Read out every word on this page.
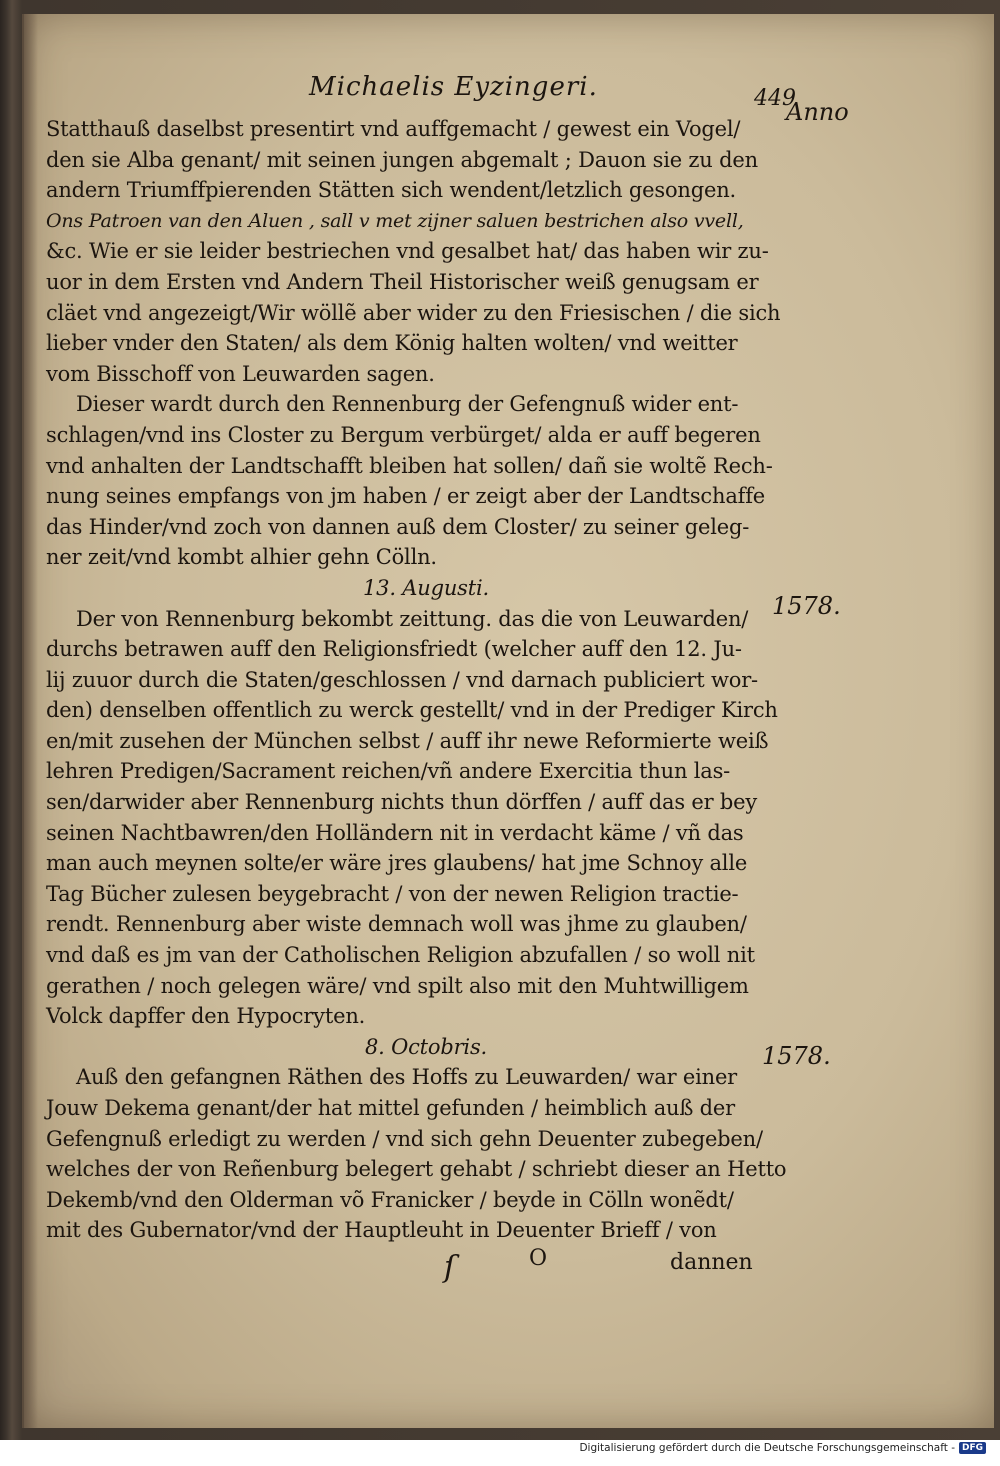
Michaelis Eyzingeri.	449
Anno
1578.
1578.
Statthauß daselbst presentirt vnd auffgemacht / gewest ein Vogel/
den sie Alba genant/ mit seinen jungen abgemalt ; Dauon sie zu den
andern Triumffpierenden Stätten sich wendent/letzlich gesongen.
Ons Patroen van den Aluen , sall v met zijner saluen bestrichen also vvell,
&c. Wie er sie leider bestriechen vnd gesalbet hat/ das haben wir zu-
uor in dem Ersten vnd Andern Theil Historischer weiß genugsam er
cläet vnd angezeigt/Wir wöllẽ aber wider zu den Friesischen / die sich
lieber vnder den Staten/ als dem König halten wolten/ vnd weitter
vom Bisschoff von Leuwarden sagen.
Dieser wardt durch den Rennenburg der Gefengnuß wider ent-
schlagen/vnd ins Closter zu Bergum verbürget/ alda er auff begeren
vnd anhalten der Landtschafft bleiben hat sollen/ dañ sie woltẽ Rech-
nung seines empfangs von jm haben / er zeigt aber der Landtschaffe
das Hinder/vnd zoch von dannen auß dem Closter/ zu seiner geleg-
ner zeit/vnd kombt alhier gehn Cölln.
13. Augusti.
Der von Rennenburg bekombt zeittung. das die von Leuwarden/
durchs betrawen auff den Religionsfriedt (welcher auff den 12. Ju-
lij zuuor durch die Staten/geschlossen / vnd darnach publiciert wor-
den) denselben offentlich zu werck gestellt/ vnd in der Prediger Kirch
en/mit zusehen der München selbst / auff ihr newe Reformierte weiß
lehren Predigen/Sacrament reichen/vñ andere Exercitia thun las-
sen/darwider aber Rennenburg nichts thun dörffen / auff das er bey
seinen Nachtbawren/den Holländern nit in verdacht käme / vñ das
man auch meynen solte/er wäre jres glaubens/ hat jme Schnoy alle
Tag Bücher zulesen beygebracht / von der newen Religion tractie-
rendt. Rennenburg aber wiste demnach woll was jhme zu glauben/
vnd daß es jm van der Catholischen Religion abzufallen / so woll nit
gerathen / noch gelegen wäre/ vnd spilt also mit den Muhtwilligem
Volck dapffer den Hypocryten.
8. Octobris.
Auß den gefangnen Räthen des Hoffs zu Leuwarden/ war einer
Jouw Dekema genant/der hat mittel gefunden / heimblich auß der
Gefengnuß erledigt zu werden / vnd sich gehn Deuenter zubegeben/
welches der von Reñenburg belegert gehabt / schriebt dieser an Hetto
Dekemb/vnd den Olderman võ Franicker / beyde in Cölln wonẽdt/
mit des Gubernator/vnd der Hauptleuht in Deuenter Brieff / von
ſ	O	dannen
Digitalisierung gefördert durch die Deutsche Forschungsgemeinschaft - DFG
